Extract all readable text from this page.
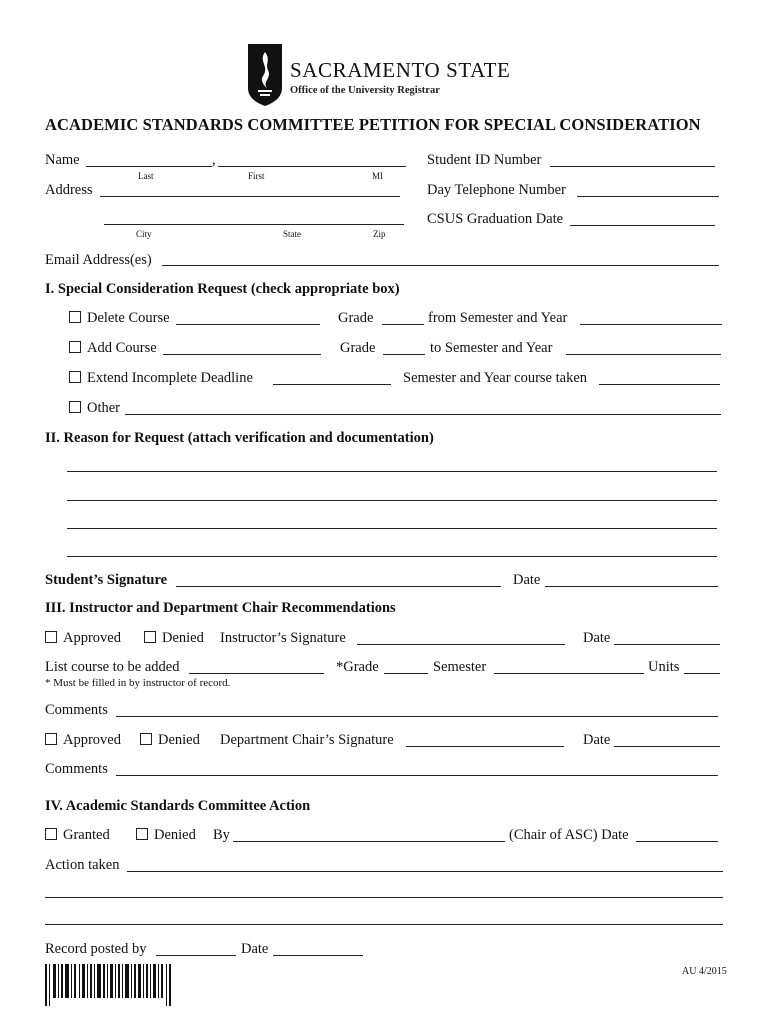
SACRAMENTO STATE
Office of the University Registrar
ACADEMIC STANDARDS COMMITTEE PETITION FOR SPECIAL CONSIDERATION
Name	,
Last	First	MI
Student ID Number
Address	Day Telephone Number
City	State	Zip
CSUS Graduation Date
Email Address(es)
I. Special Consideration Request (check appropriate box)
Delete Course	Grade	from Semester and Year
Add Course	Grade	to Semester and Year
Extend Incomplete Deadline	Semester and Year course taken
Other
II. Reason for Request (attach verification and documentation)
Student’s Signature	Date
III. Instructor and Department Chair Recommendations
Approved	Denied Instructor’s Signature	Date
List course to be added	*Grade	Semester	Units
* Must be filled in by instructor of record.
Comments
Approved	Denied Department Chair’s Signature	Date
Comments
IV. Academic Standards Committee Action
Granted	Denied By	(Chair of ASC) Date
Action taken
Record posted by	Date
AU 4/2015
